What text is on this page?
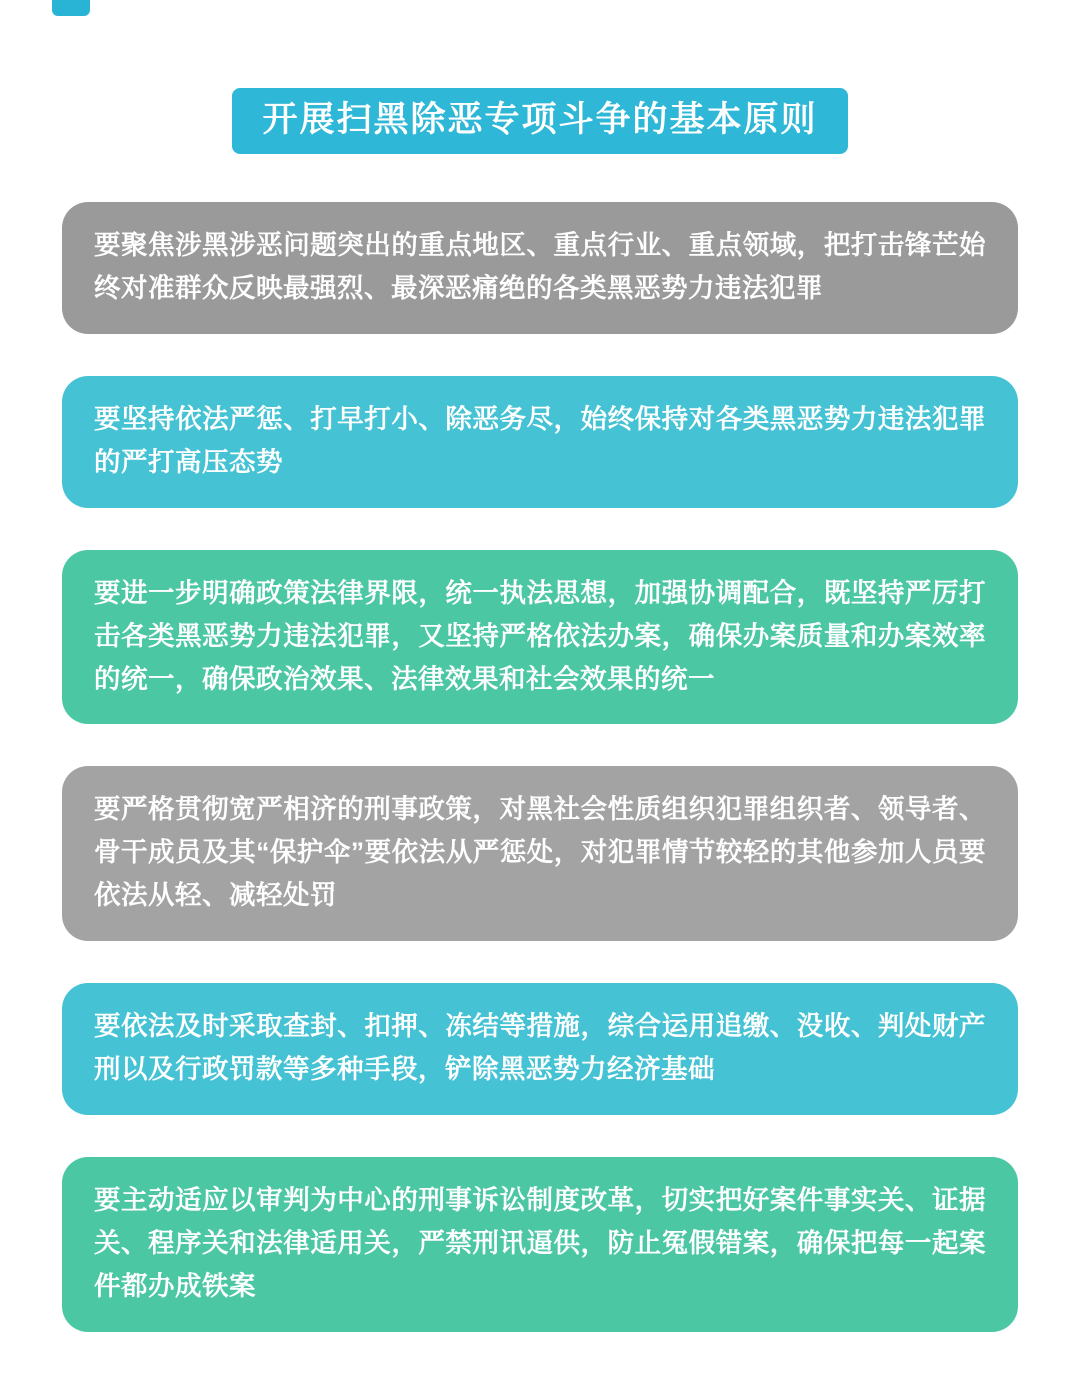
开展扫黑除恶专项斗争的基本原则
要聚焦涉黑涉恶问题突出的重点地区、重点行业、重点领域，把打击锋芒始终对准群众反映最强烈、最深恶痛绝的各类黑恶势力违法犯罪
要坚持依法严惩、打早打小、除恶务尽，始终保持对各类黑恶势力违法犯罪的严打高压态势
要进一步明确政策法律界限，统一执法思想，加强协调配合，既坚持严厉打击各类黑恶势力违法犯罪，又坚持严格依法办案，确保办案质量和办案效率的统一，确保政治效果、法律效果和社会效果的统一
要严格贯彻宽严相济的刑事政策，对黑社会性质组织犯罪组织者、领导者、骨干成员及其“保护伞”要依法从严惩处，对犯罪情节较轻的其他参加人员要依法从轻、减轻处罚
要依法及时采取查封、扣押、冻结等措施，综合运用追缴、没收、判处财产刑以及行政罚款等多种手段，铲除黑恶势力经济基础
要主动适应以审判为中心的刑事诉讼制度改革，切实把好案件事实关、证据关、程序关和法律适用关，严禁刑讯逼供，防止冤假错案，确保把每一起案件都办成铁案
